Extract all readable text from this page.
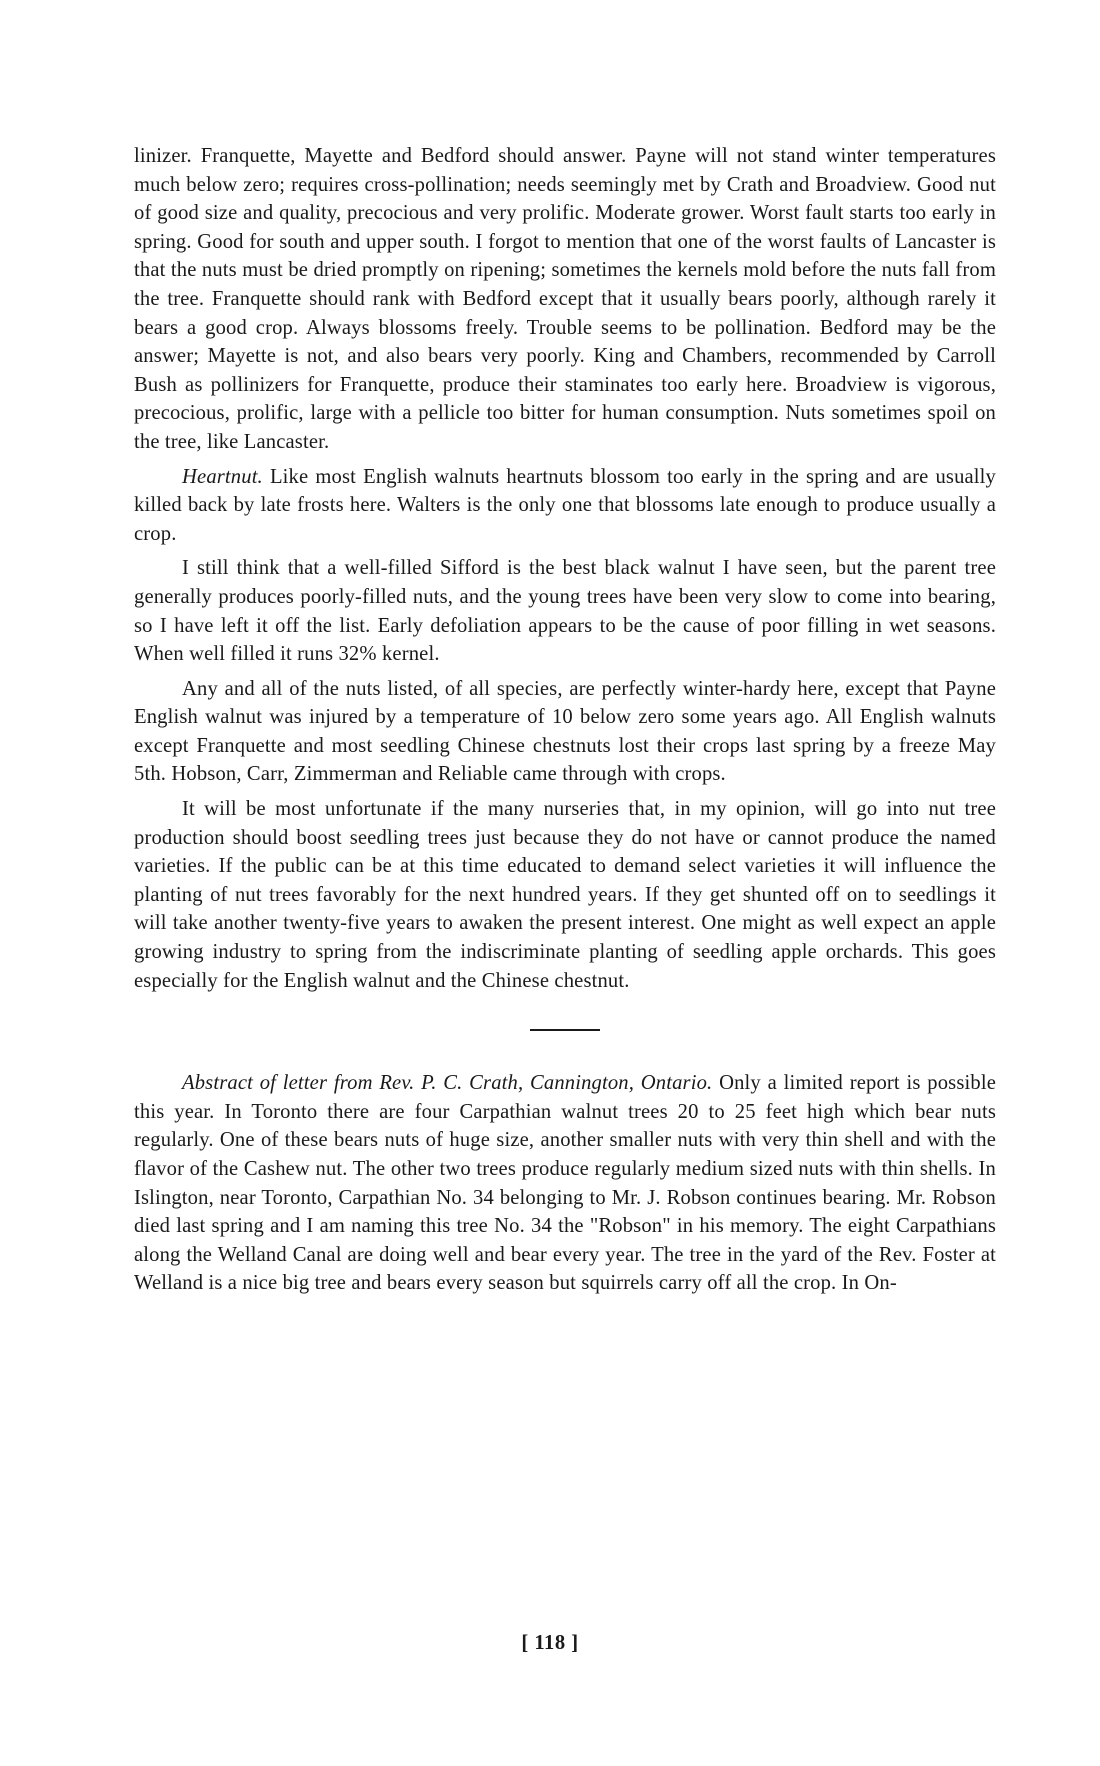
linizer. Franquette, Mayette and Bedford should answer. Payne will not stand winter temperatures much below zero; requires cross-pollination; needs seemingly met by Crath and Broadview. Good nut of good size and quality, precocious and very prolific. Moderate grower. Worst fault starts too early in spring. Good for south and upper south. I forgot to mention that one of the worst faults of Lancaster is that the nuts must be dried promptly on ripening; sometimes the kernels mold before the nuts fall from the tree. Franquette should rank with Bedford except that it usually bears poorly, although rarely it bears a good crop. Always blossoms freely. Trouble seems to be pollination. Bedford may be the answer; Mayette is not, and also bears very poorly. King and Chambers, recommended by Carroll Bush as pollinizers for Franquette, produce their staminates too early here. Broadview is vigorous, precocious, prolific, large with a pellicle too bitter for human consumption. Nuts sometimes spoil on the tree, like Lancaster.

Heartnut. Like most English walnuts heartnuts blossom too early in the spring and are usually killed back by late frosts here. Walters is the only one that blossoms late enough to produce usually a crop.

I still think that a well-filled Sifford is the best black walnut I have seen, but the parent tree generally produces poorly-filled nuts, and the young trees have been very slow to come into bearing, so I have left it off the list. Early defoliation appears to be the cause of poor filling in wet seasons. When well filled it runs 32% kernel.

Any and all of the nuts listed, of all species, are perfectly winter-hardy here, except that Payne English walnut was injured by a temperature of 10 below zero some years ago. All English walnuts except Franquette and most seedling Chinese chestnuts lost their crops last spring by a freeze May 5th. Hobson, Carr, Zimmerman and Reliable came through with crops.

It will be most unfortunate if the many nurseries that, in my opinion, will go into nut tree production should boost seedling trees just because they do not have or cannot produce the named varieties. If the public can be at this time educated to demand select varieties it will influence the planting of nut trees favorably for the next hundred years. If they get shunted off on to seedlings it will take another twenty-five years to awaken the present interest. One might as well expect an apple growing industry to spring from the indiscriminate planting of seedling apple orchards. This goes especially for the English walnut and the Chinese chestnut.

Abstract of letter from Rev. P. C. Crath, Cannington, Ontario. Only a limited report is possible this year. In Toronto there are four Carpathian walnut trees 20 to 25 feet high which bear nuts regularly. One of these bears nuts of huge size, another smaller nuts with very thin shell and with the flavor of the Cashew nut. The other two trees produce regularly medium sized nuts with thin shells. In Islington, near Toronto, Carpathian No. 34 belonging to Mr. J. Robson continues bearing. Mr. Robson died last spring and I am naming this tree No. 34 the "Robson" in his memory. The eight Carpathians along the Welland Canal are doing well and bear every year. The tree in the yard of the Rev. Foster at Welland is a nice big tree and bears every season but squirrels carry off all the crop. In On-

[ 118 ]
